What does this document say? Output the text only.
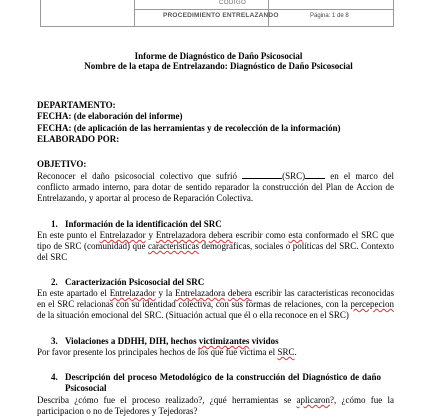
CODIGO
PROCEDIMIENTO ENTRELAZANDO	Página: 1 de 8
Informe de Diagnóstico de Daño Psicosocial
Nombre de la etapa de Entrelazando: Diagnóstico de Daño Psicosocial
DEPARTAMENTO:
FECHA: (de elaboración del informe)
FECHA: (de aplicación de las herramientas y de recolección de la información)
ELABORADO POR:
OBJETIVO:
Reconocer el daño psicosocial colectivo que sufrió	(SRC) en el marco del conflicto armado interno, para dotar de sentido reparador la construcción del Plan de Accion de Entrelazando, y aportar al proceso de Reparación Colectiva.
1. Información de la identificación del SRC
En este punto el Entrelazador y Entrelazadora debera escribir como esta conformado el SRC que tipo de SRC (comunidad) que caracteristicas demograficas, sociales o políticas del SRC. Contexto del SRC
2. Caracterización Psicosocial del SRC
En este apartado el Entrelazador y la Entrelazadora debera escribir las caracteristicas reconocidas en el SRC relacionas con su identidad colectiva, con sus formas de relaciones, con la percepecion de la situación emocional del SRC. (Situación actual que él o ella reconoce en el SRC)
3. Violaciones a DDHH, DIH, hechos victimizantes vividos
Por favor presente los principales hechos de los que fue victima el SRC.
4. Descripción del proceso Metodológico de la construcción del Diagnóstico de daño Psicosocial
Describa ¿cómo fue el proceso realizado?, ¿qué herramientas se aplicaron?, ¿cómo fue la participacion o no de Tejedores y Tejedoras?
